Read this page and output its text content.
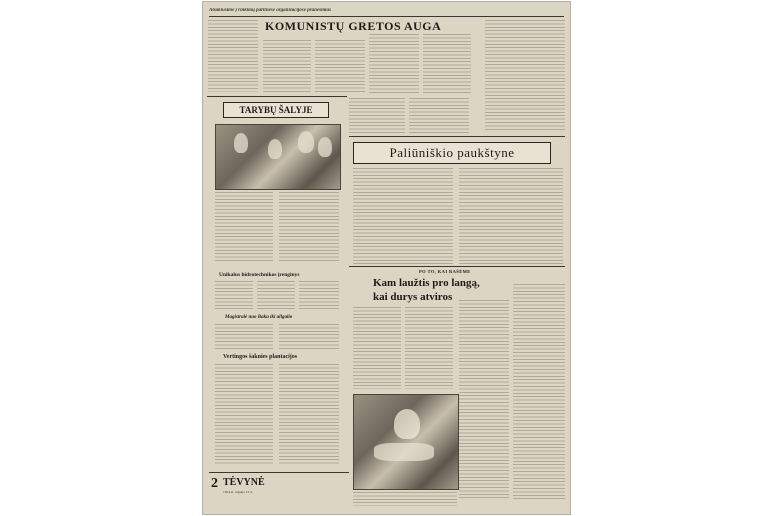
Atsakiusime į rinkimų partinėse organizacijose pranešimus
KOMUNISTŲ GRETOS AUGA
TARYBŲ ŠALYJE
Unikalus hidrotechnikos įrenginys
Magistralė nuo Baku iki allgalio
Vertingos šaknies plantacijos
2 TĖVYNĖ
1954 m. rugsėjo 23 d.
Paliūniškio paukštyne
PO TO, KAI RAŠĖME
Kam laužtis pro langą,
kai durys atviros
